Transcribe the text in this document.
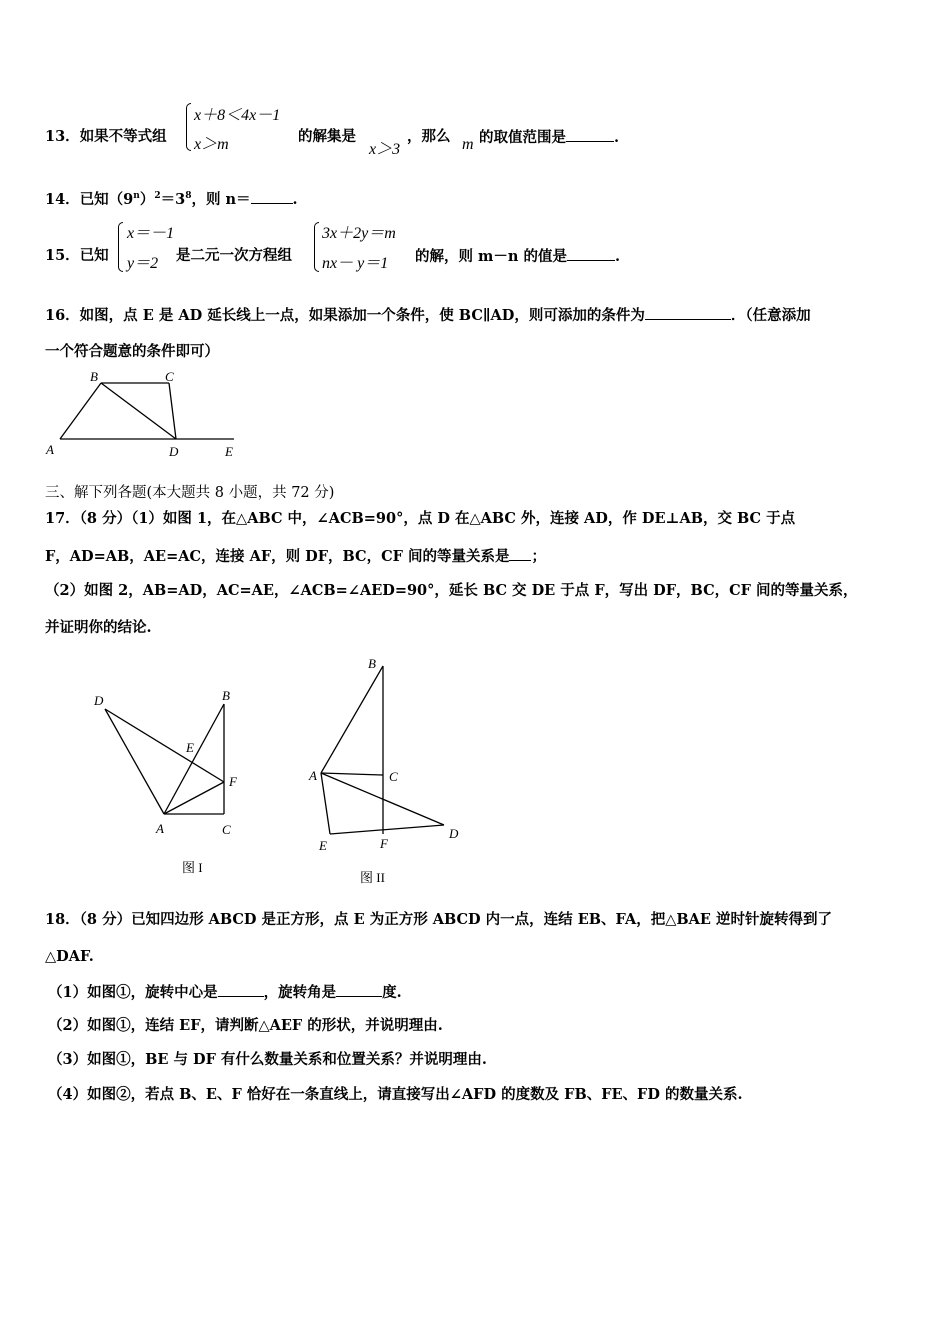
13．如果不等式组
x＋8＜4x－1
x＞m	的解集是
x＞3
，那么 m 的取值范围是	.
14．已知$(9^n)^2=3^8$，则 n＝	.
15．已知
x＝－1
y＝2 是二元一次方程组
3x＋2y＝m
nx－ y＝1 的解，则 m－n 的值是	.
16．如图，点 E 是 AD 延长线上一点，如果添加一个条件，使 BC∥AD，则可添加的条件为	．（任意添加
一个符合题意的条件即可）
B	C
A	D	E
三、解下列各题(本大题共 8 小题，共 72 分)
17．（8 分）（1）如图 1，在△ABC 中，∠ACB=90°，点 D 在△ABC 外，连接 AD，作 DE⊥AB，交 BC 于点
F，AD=AB，AE=AC，连接 AF，则 DF，BC，CF 间的等量关系是 ；
（2）如图 2，AB=AD，AC=AE，∠ACB=∠AED=90°，延长 BC 交 DE 于点 F，写出 DF，BC，CF 间的等量关系，
并证明你的结论.
D	B
E
F
A	C
图 I
B
A	C
D
E	F
图 II
18．（8 分）已知四边形 ABCD 是正方形，点 E 为正方形 ABCD 内一点，连结 EB、FA，把△BAE 逆时针旋转得到了
△DAF.
（1）如图①，旋转中心是	，旋转角是	度.
（2）如图①，连结 EF，请判断△AEF 的形状，并说明理由.
（3）如图①，BE 与 DF 有什么数量关系和位置关系？并说明理由.
（4）如图②，若点 B、E、F 恰好在一条直线上，请直接写出∠AFD 的度数及 FB、FE、FD 的数量关系.
